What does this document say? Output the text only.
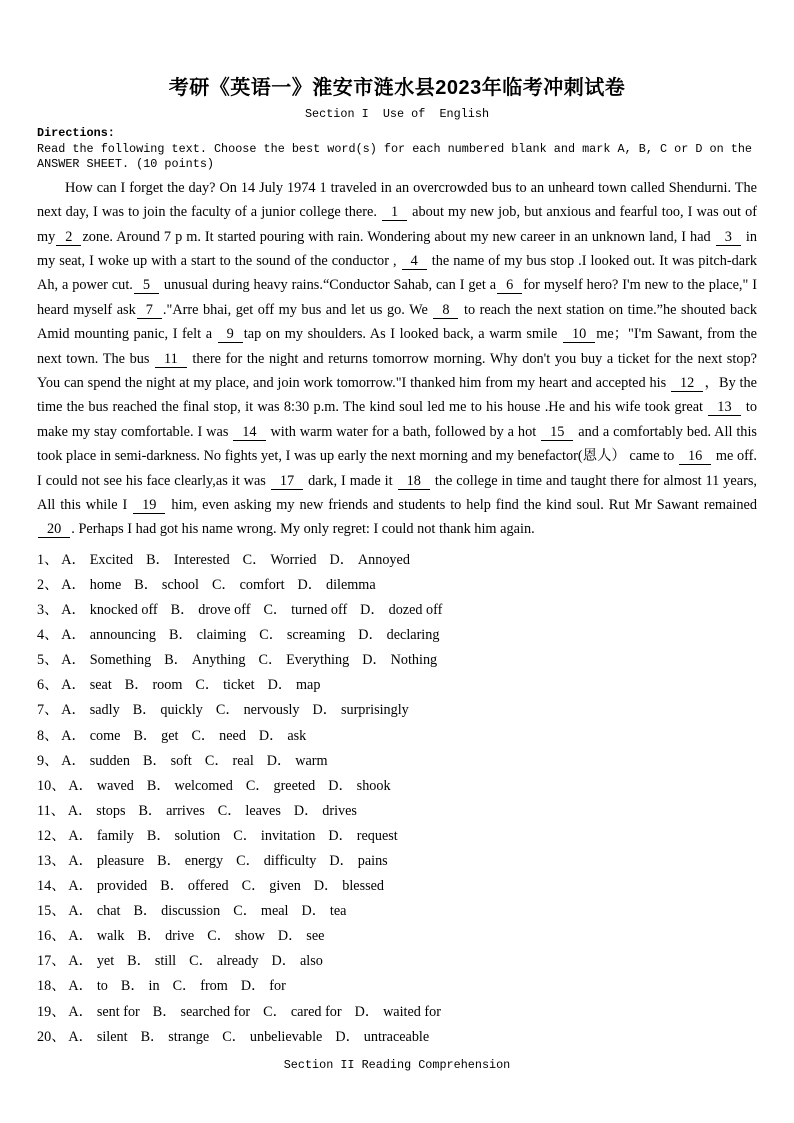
考研《英语一》淮安市涟水县2023年临考冲刺试卷
Section I  Use of  English
Directions:
Read the following text. Choose the best word(s) for each numbered blank and mark A, B, C or D on the ANSWER SHEET. (10 points)

How can I forget the day? On 14 July 1974 1 traveled in an overcrowded bus to an unheard town called Shendurni. The next day, I was to join the faculty of a junior college there. 1 about my new job, but anxious and fearful too, I was out of my 2 zone. Around 7 p m. It started pouring with rain. Wondering about my new career in an unknown land, I had 3 in my seat, I woke up with a start to the sound of the conductor , 4 the name of my bus stop .I looked out. It was pitch-dark Ah, a power cut. 5 unusual during heavy rains.“Conductor Sahab, can I get a 6 for myself hero? I'm new to the place," I heard myself ask 7 ."Arre bhai, get off my bus and let us go. We 8 to reach the next station on time.”he shouted back Amid mounting panic, I felt a 9 tap on my shoulders. As I looked back, a warm smile 10 me；"I'm Sawant, from the next town. The bus 11 there for the night and returns tomorrow morning. Why don't you buy a ticket for the next stop? You can spend the night at my place, and join work tomorrow."I thanked him from my heart and accepted his 12 ，By the time the bus reached the final stop, it was 8:30 p.m. The kind soul led me to his house .He and his wife took great 13 to make my stay comfortable. I was 14 with warm water for a bath, followed by a hot 15 and a comfortably bed. All this took place in semi-darkness. No fights yet, I was up early the next morning and my benefactor(恩人） came to 16 me off. I could not see his face clearly,as it was 17 dark, I made it 18 the college in time and taught there for almost 11 years, All this while I 19 him, even asking my new friends and students to help find the kind soul. Rut Mr Sawant remained 20 . Perhaps I had got his name wrong. My only regret: I could not thank him again.

1、 A． Excited B． Interested C． Worried D． Annoyed
2、 A． home B． school C． comfort D． dilemma
3、 A． knocked off B． drove off C． turned off D． dozed off
4、 A． announcing B． claiming C． screaming D． declaring
5、 A． Something B． Anything C． Everything D． Nothing
6、 A． seat B． room C． ticket D． map
7、 A． sadly B． quickly C． nervously D． surprisingly
8、 A． come B． get C． need D． ask
9、 A． sudden B． soft C． real D． warm
10、 A． waved B． welcomed C． greeted D． shook
11、 A． stops B． arrives C． leaves D． drives
12、 A． family B． solution C． invitation D． request
13、 A． pleasure B． energy C． difficulty D． pains
14、 A． provided B． offered C． given D． blessed
15、 A． chat B． discussion C． meal D． tea
16、 A． walk B． drive C． show D． see
17、 A． yet B． still C． already D． also
18、 A． to B． in C． from D． for
19、 A． sent for B． searched for C． cared for D． waited for
20、 A． silent B． strange C． unbelievable D． untraceable
Section II Reading Comprehension
